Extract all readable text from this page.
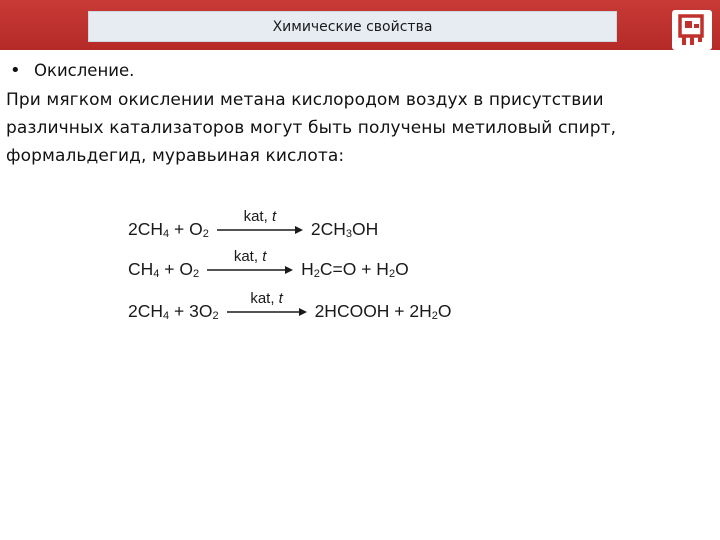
Химические свойства
• Окисление.
При мягком окислении метана кислородом воздух в присутствии различных катализаторов могут быть получены метиловый спирт, формальдегид, муравьиная кислота:
2 $CH_4 + O_2$
kat, t
$2CH_3$ OH
$CH_4 + O_2$
kat, t
$H_2$ $C=O + H_2$ O
2 $CH_4 + 3$ $O_2$
kat, t
2HCOOH + $2H_2$ O
